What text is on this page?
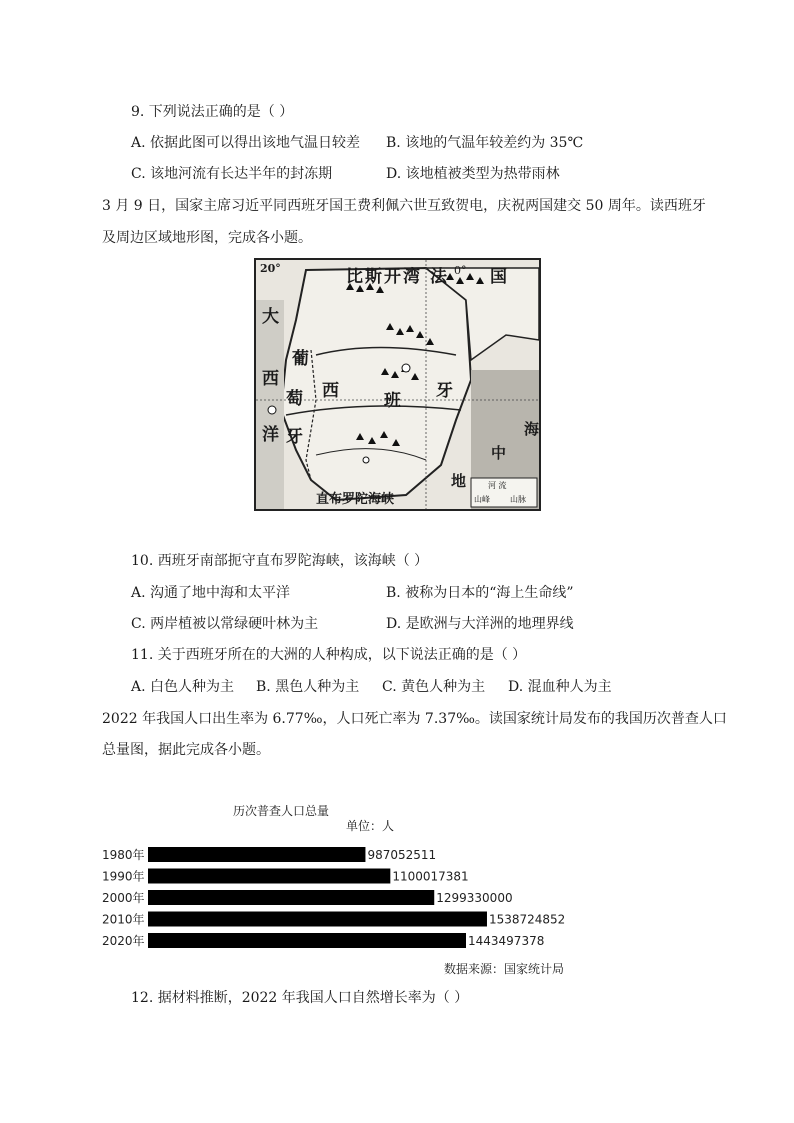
9. 下列说法正确的是（ ）
A. 依据此图可以得出该地气温日较差 B. 该地的气温年较差约为 35℃
C. 该地河流有长达半年的封冻期	D. 该地植被类型为热带雨林
3 月 9 日，国家主席习近平同西班牙国王费利佩六世互致贺电，庆祝两国建交 50 周年。读西班牙
及周边区域地形图，完成各小题。
20°	比斯开湾 法 0° 国
大
西
洋
葡
萄
牙
西	班 牙
海
中
地
直布罗陀海峡
河 流
山峰	山脉
10. 西班牙南部扼守直布罗陀海峡，该海峡（ ）
A. 沟通了地中海和太平洋	B. 被称为日本的“海上生命线”
C. 两岸植被以常绿硬叶林为主	D. 是欧洲与大洋洲的地理界线
11. 关于西班牙所在的大洲的人种构成，以下说法正确的是（ ）
A. 白色人种为主 B. 黑色人种为主 C. 黄色人种为主 D. 混血种人为主
2022 年我国人口出生率为 6.77‰，人口死亡率为 7.37‰。读国家统计局发布的我国历次普查人口
总量图，据此完成各小题。
历次普查人口总量
单位：人
1980年	987052511
1990年	1100017381
2000年	1299330000
2010年	1538724852
2020年	1443497378
数据来源：国家统计局
12. 据材料推断，2022 年我国人口自然增长率为（ ）
